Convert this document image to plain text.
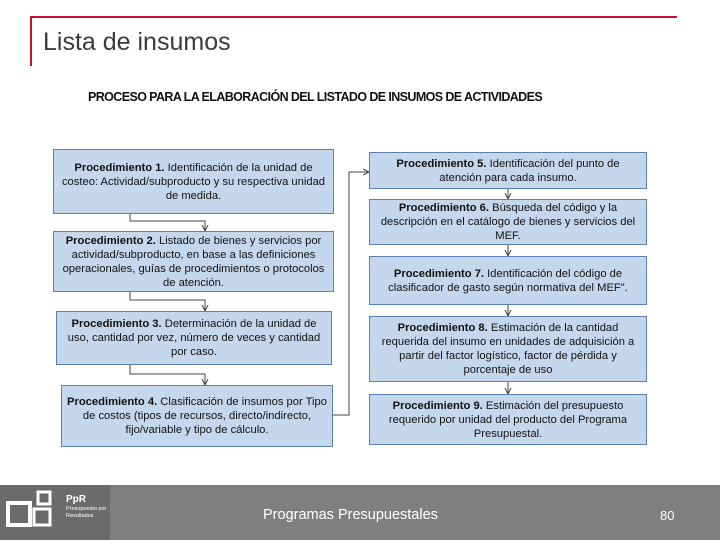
Lista de insumos
PROCESO PARA LA ELABORACIÓN DEL LISTADO DE INSUMOS DE ACTIVIDADES
Procedimiento 1. Identificación de la unidad de costeo: Actividad/subproducto y su respectiva unidad de medida.
Procedimiento 2. Listado de bienes y servicios por actividad/subproducto, en base a las definiciones operacionales, guías de procedimientos o protocolos de atención.
Procedimiento 3. Determinación de la unidad de uso, cantidad por vez, número de veces y cantidad por caso.
Procedimiento 4. Clasificación de insumos por Tipo de costos (tipos de recursos, directo/indirecto, fijo/variable y tipo de cálculo.
Procedimiento 5. Identificación del punto de atención para cada insumo.
Procedimiento 6. Búsqueda del código y la descripción en el catálogo de bienes y servicios del MEF.
Procedimiento 7. Identificación del código de clasificador de gasto según normativa del MEF".
Procedimiento 8. Estimación de la cantidad requerida del insumo en unidades de adquisición a partir del factor logístico, factor de pérdida y porcentaje de uso
Procedimiento 9. Estimación del presupuesto requerido por unidad del producto del Programa Presupuestal.
PpR
Presupuesto por Resultados	Programas Presupuestales	80
